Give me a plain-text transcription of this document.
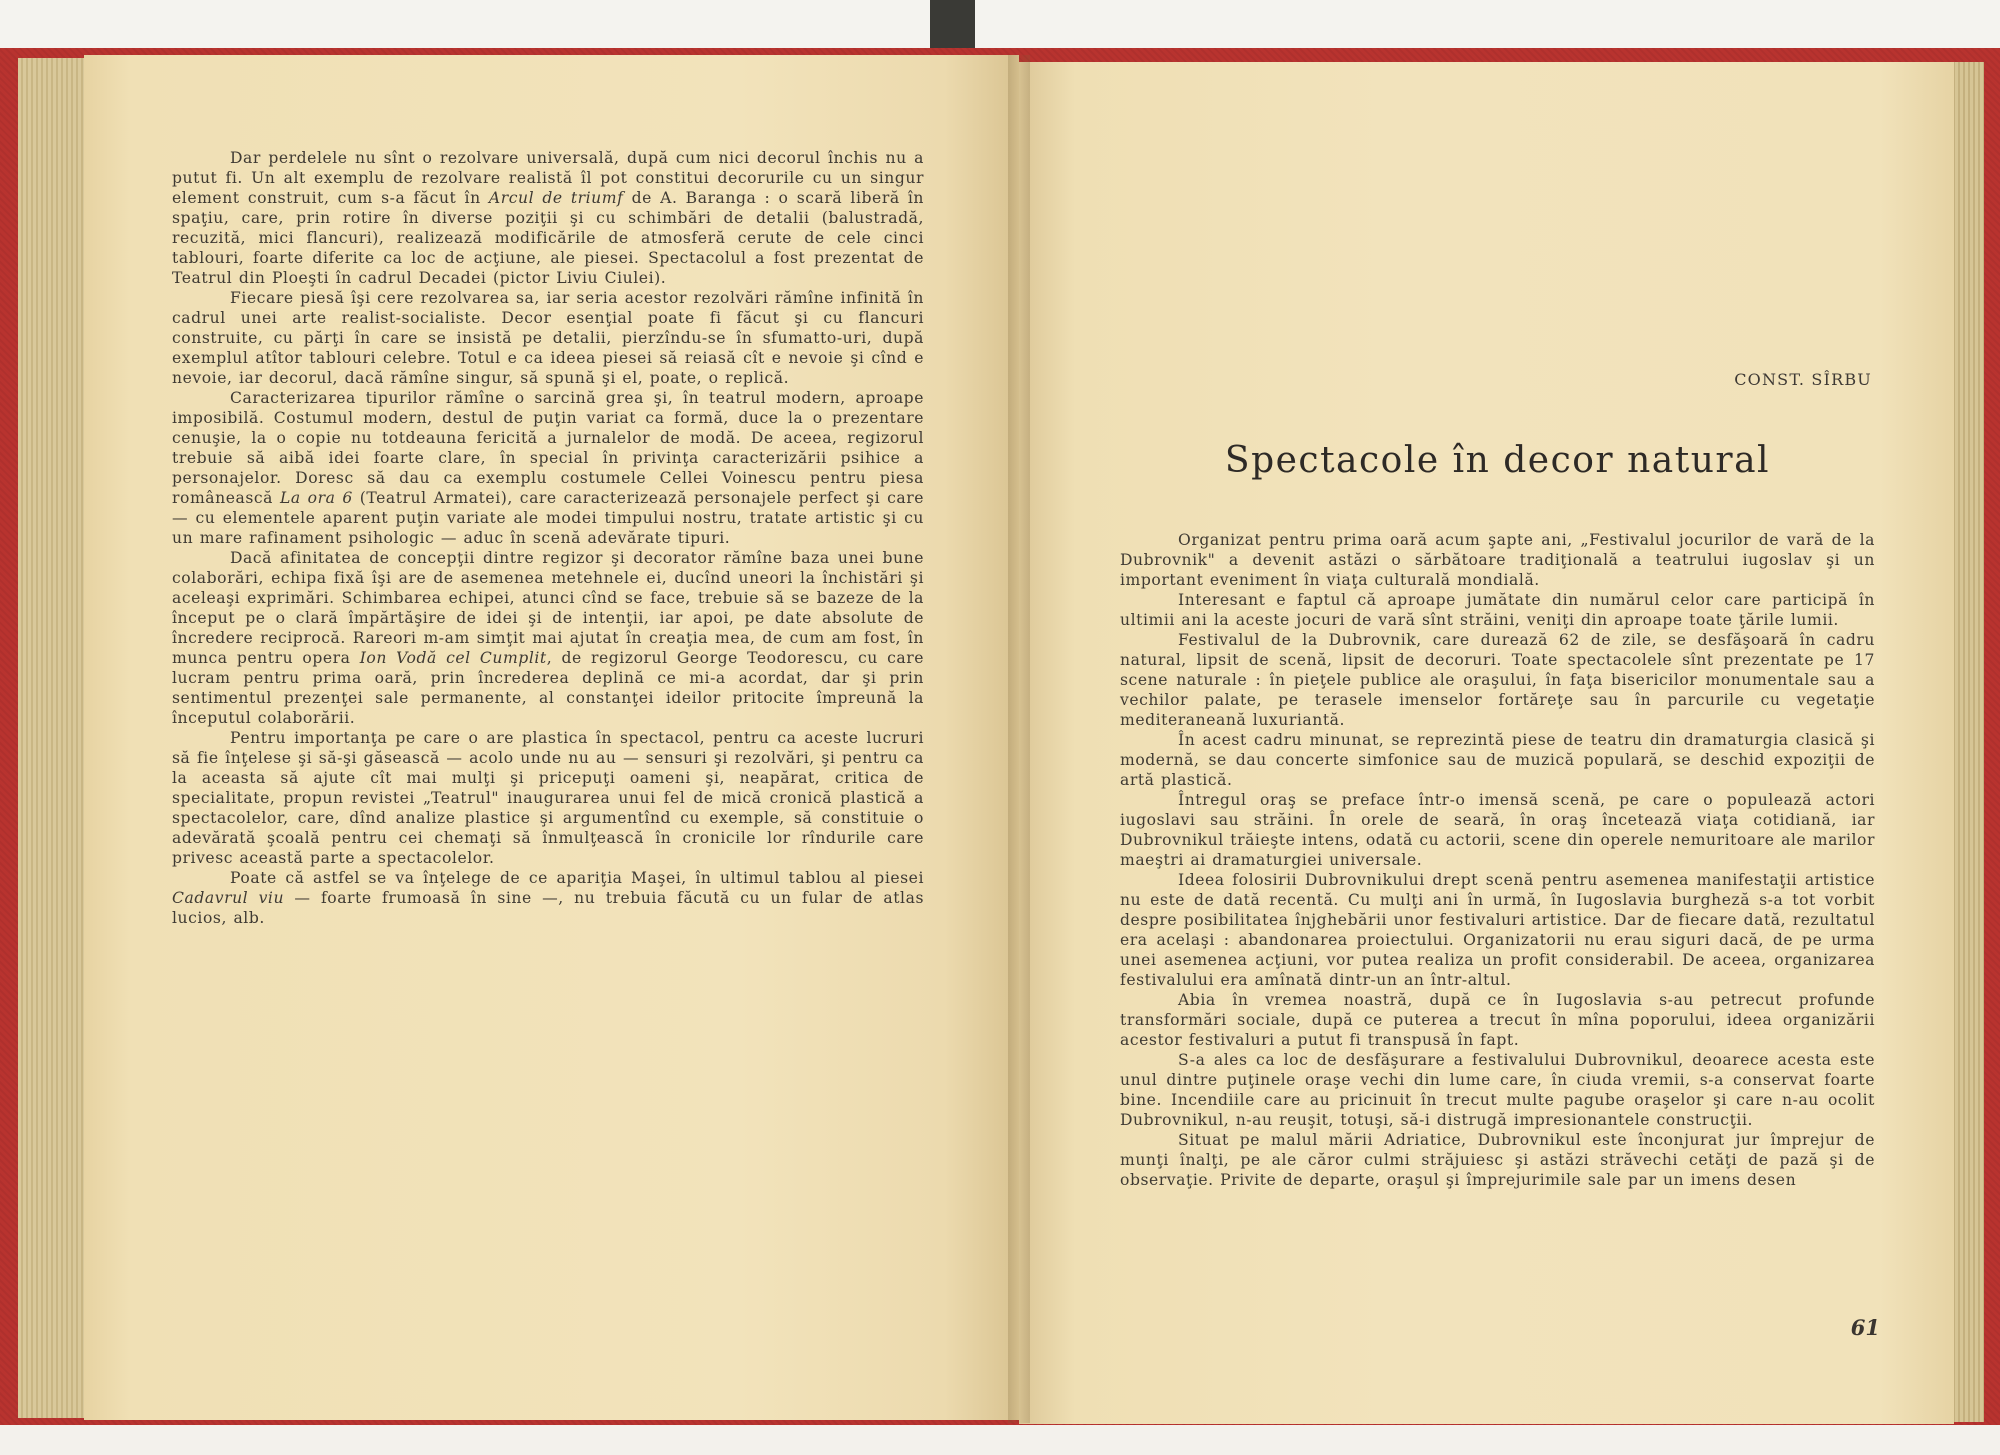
Dar perdelele nu sînt o rezolvare universală, după cum nici decorul închis nu a putut fi. Un alt exemplu de rezolvare realistă îl pot constitui decorurile cu un singur element construit, cum s-a făcut în Arcul de triumf de A. Baranga : o scară liberă în spaţiu, care, prin rotire în diverse poziţii şi cu schimbări de detalii (balustradă, recuzită, mici flancuri), realizează modificările de atmosferă cerute de cele cinci tablouri, foarte diferite ca loc de acţiune, ale piesei. Spectacolul a fost prezentat de Teatrul din Ploeşti în cadrul Decadei (pictor Liviu Ciulei).

Fiecare piesă îşi cere rezolvarea sa, iar seria acestor rezolvări rămîne infinită în cadrul unei arte realist-socialiste. Decor esenţial poate fi făcut şi cu flancuri construite, cu părţi în care se insistă pe detalii, pierzîndu-se în sfumatto-uri, după exemplul atîtor tablouri celebre. Totul e ca ideea piesei să reiasă cît e nevoie şi cînd e nevoie, iar decorul, dacă rămîne singur, să spună şi el, poate, o replică.

Caracterizarea tipurilor rămîne o sarcină grea şi, în teatrul modern, aproape imposibilă. Costumul modern, destul de puţin variat ca formă, duce la o prezentare cenuşie, la o copie nu totdeauna fericită a jurnalelor de modă. De aceea, regizorul trebuie să aibă idei foarte clare, în special în privinţa caracterizării psihice a personajelor. Doresc să dau ca exemplu costumele Cellei Voinescu pentru piesa românească La ora 6 (Teatrul Armatei), care caracterizează personajele perfect şi care — cu elementele aparent puţin variate ale modei timpului nostru, tratate artistic şi cu un mare rafinament psihologic — aduc în scenă adevărate tipuri.

Dacă afinitatea de concepţii dintre regizor şi decorator rămîne baza unei bune colaborări, echipa fixă îşi are de asemenea metehnele ei, ducînd uneori la închistări şi aceleaşi exprimări. Schimbarea echipei, atunci cînd se face, trebuie să se bazeze de la început pe o clară împărtăşire de idei şi de intenţii, iar apoi, pe date absolute de încredere reciprocă. Rareori m-am simţit mai ajutat în creaţia mea, de cum am fost, în munca pentru opera Ion Vodă cel Cumplit, de regizorul George Teodorescu, cu care lucram pentru prima oară, prin încrederea deplină ce mi-a acordat, dar şi prin sentimentul prezenţei sale permanente, al constanţei ideilor pritocite împreună la începutul colaborării.

Pentru importanţa pe care o are plastica în spectacol, pentru ca aceste lucruri să fie înţelese şi să-şi găsească — acolo unde nu au — sensuri şi rezolvări, şi pentru ca la aceasta să ajute cît mai mulţi şi pricepuţi oameni şi, neapărat, critica de specialitate, propun revistei „Teatrul" inaugurarea unui fel de mică cronică plastică a spectacolelor, care, dînd analize plastice şi argumentînd cu exemple, să constituie o adevărată şcoală pentru cei chemaţi să înmulţească în cronicile lor rîndurile care privesc această parte a spectacolelor.

Poate că astfel se va înţelege de ce apariţia Maşei, în ultimul tablou al piesei Cadavrul viu — foarte frumoasă în sine —, nu trebuia făcută cu un fular de atlas lucios, alb.

CONST. SÎRBU
Spectacole în decor natural

Organizat pentru prima oară acum şapte ani, „Festivalul jocurilor de vară de la Dubrovnik" a devenit astăzi o sărbătoare tradiţională a teatrului iugoslav şi un important eveniment în viaţa culturală mondială.

Interesant e faptul că aproape jumătate din numărul celor care participă în ultimii ani la aceste jocuri de vară sînt străini, veniţi din aproape toate ţările lumii.

Festivalul de la Dubrovnik, care durează 62 de zile, se desfăşoară în cadru natural, lipsit de scenă, lipsit de decoruri. Toate spectacolele sînt prezentate pe 17 scene naturale : în pieţele publice ale oraşului, în faţa bisericilor monumentale sau a vechilor palate, pe terasele imenselor fortăreţe sau în parcurile cu vegetaţie mediteraneană luxuriantă.

În acest cadru minunat, se reprezintă piese de teatru din dramaturgia clasică şi modernă, se dau concerte simfonice sau de muzică populară, se deschid expoziţii de artă plastică.

Întregul oraş se preface într-o imensă scenă, pe care o populează actori iugoslavi sau străini. În orele de seară, în oraş încetează viaţa cotidiană, iar Dubrovnikul trăieşte intens, odată cu actorii, scene din operele nemuritoare ale marilor maeştri ai dramaturgiei universale.

Ideea folosirii Dubrovnikului drept scenă pentru asemenea manifestaţii artistice nu este de dată recentă. Cu mulţi ani în urmă, în Iugoslavia burgheză s-a tot vorbit despre posibilitatea înjghebării unor festivaluri artistice. Dar de fiecare dată, rezultatul era acelaşi : abandonarea proiectului. Organizatorii nu erau siguri dacă, de pe urma unei asemenea acţiuni, vor putea realiza un profit considerabil. De aceea, organizarea festivalului era amînată dintr-un an într-altul.

Abia în vremea noastră, după ce în Iugoslavia s-au petrecut profunde transformări sociale, după ce puterea a trecut în mîna poporului, ideea organizării acestor festivaluri a putut fi transpusă în fapt.

S-a ales ca loc de desfăşurare a festivalului Dubrovnikul, deoarece acesta este unul dintre puţinele oraşe vechi din lume care, în ciuda vremii, s-a conservat foarte bine. Incendiile care au pricinuit în trecut multe pagube oraşelor şi care n-au ocolit Dubrovnikul, n-au reuşit, totuşi, să-i distrugă impresionantele construcţii.

Situat pe malul mării Adriatice, Dubrovnikul este înconjurat jur împrejur de munţi înalţi, pe ale căror culmi străjuiesc şi astăzi străvechi cetăţi de pază şi de observaţie. Privite de departe, oraşul şi împrejurimile sale par un imens desen

61
